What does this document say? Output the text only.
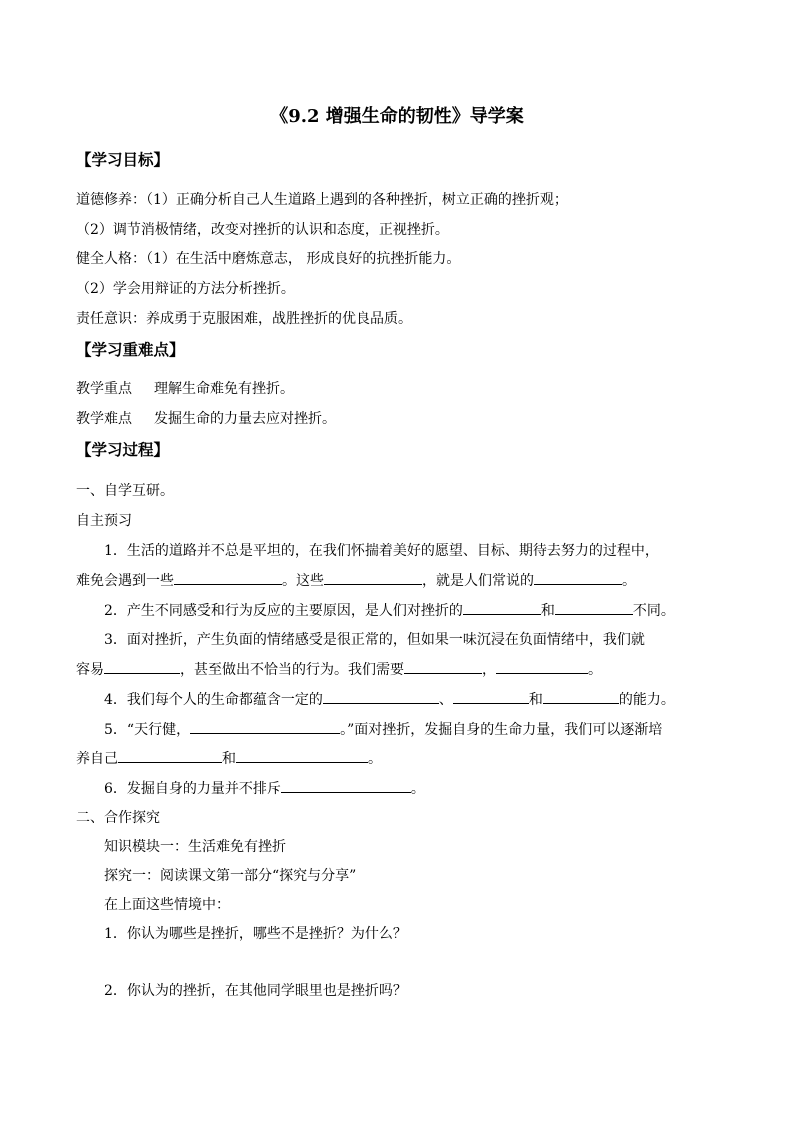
《9.2 增强生命的韧性》导学案
【学习目标】
道德修养：（1）正确分析自己人生道路上遇到的各种挫折，树立正确的挫折观；
（2）调节消极情绪，改变对挫折的认识和态度，正视挫折。
健全人格：（1）在生活中磨炼意志， 形成良好的抗挫折能力。
（2）学会用辩证的方法分析挫折。
责任意识：养成勇于克服困难，战胜挫折的优良品质。
【学习重难点】
教学重点 理解生命难免有挫折。
教学难点 发掘生命的力量去应对挫折。
【学习过程】
一、自学互研。
自主预习
1．生活的道路并不总是平坦的，在我们怀揣着美好的愿望、目标、期待去努力的过程中，
难免会遇到一些	。这些	，就是人们常说的	。
2．产生不同感受和行为反应的主要原因，是人们对挫折的	和	不同。
3．面对挫折，产生负面的情绪感受是很正常的，但如果一味沉浸在负面情绪中，我们就
容易	，甚至做出不恰当的行为。我们需要	，	。
4．我们每个人的生命都蕴含一定的	、	和	的能力。
5．“天行健，	。”面对挫折，发掘自身的生命力量，我们可以逐渐培
养自己	和	。
6．发掘自身的力量并不排斥	。
二、合作探究
知识模块一：生活难免有挫折
探究一：阅读课文第一部分“探究与分享”
在上面这些情境中：
1．你认为哪些是挫折，哪些不是挫折？为什么？
2．你认为的挫折，在其他同学眼里也是挫折吗？
